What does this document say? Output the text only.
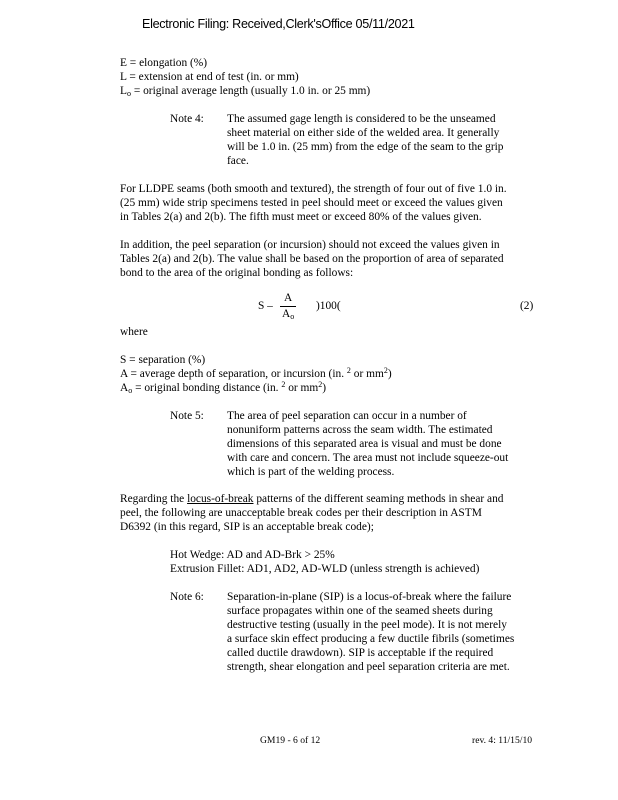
Electronic Filing: Received,Clerk'sOffice 05/11/2021
E = elongation (%)
L = extension at end of test (in. or mm)
Lo = original average length (usually 1.0 in. or 25 mm)
Note 4: The assumed gage length is considered to be the unseamed
sheet material on either side of the welded area. It generally
will be 1.0 in. (25 mm) from the edge of the seam to the grip
face.
For LLDPE seams (both smooth and textured), the strength of four out of five 1.0 in.
(25 mm) wide strip specimens tested in peel should meet or exceed the values given
in Tables 2(a) and 2(b). The fifth must meet or exceed 80% of the values given.
In addition, the peel separation (or incursion) should not exceed the values given in
Tables 2(a) and 2(b). The value shall be based on the proportion of area of separated
bond to the area of the original bonding as follows:
S –
A
Ao
)100(	(2)
where
S = separation (%)
A = average depth of separation, or incursion (in. $^2$ or $mm^2$)
Ao = original bonding distance (in. $^2$ or $mm^2$)
Note 5: The area of peel separation can occur in a number of
nonuniform patterns across the seam width. The estimated
dimensions of this separated area is visual and must be done
with care and concern. The area must not include squeeze-out
which is part of the welding process.
Regarding the locus-of-break patterns of the different seaming methods in shear and
peel, the following are unacceptable break codes per their description in ASTM
D6392 (in this regard, SIP is an acceptable break code);
Hot Wedge: AD and AD-Brk > 25%
Extrusion Fillet: AD1, AD2, AD-WLD (unless strength is achieved)
Note 6: Separation-in-plane (SIP) is a locus-of-break where the failure
surface propagates within one of the seamed sheets during
destructive testing (usually in the peel mode). It is not merely
a surface skin effect producing a few ductile fibrils (sometimes
called ductile drawdown). SIP is acceptable if the required
strength, shear elongation and peel separation criteria are met.
GM19 - 6 of 12	rev. 4: 11/15/10
